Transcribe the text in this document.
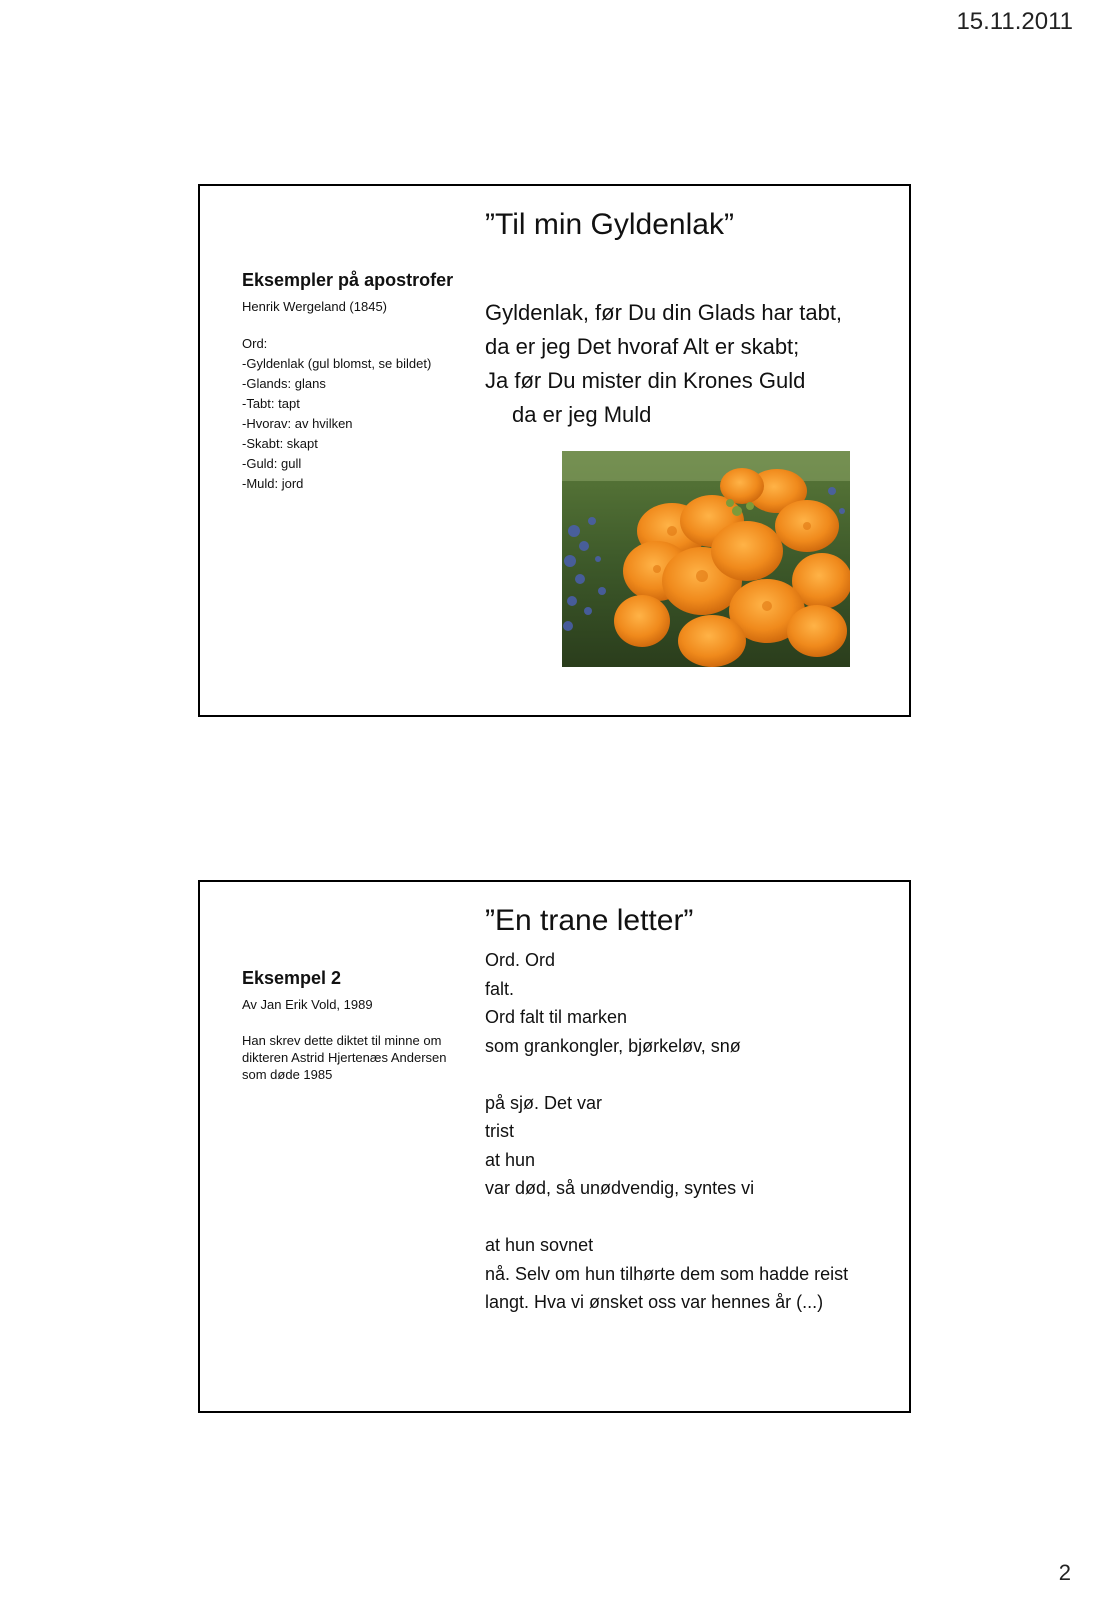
15.11.2011
”Til min Gyldenlak”

Eksempler på apostrofer

Henrik Wergeland (1845)

Ord:
-Gyldenlak (gul blomst, se bildet)
-Glands: glans
-Tabt: tapt
-Hvorav: av hvilken
-Skabt: skapt
-Guld: gull
-Muld: jord
Gyldenlak, før Du din Glads har tabt,
da er jeg Det hvoraf Alt er skabt;
Ja før Du mister din Krones Guld
da er jeg Muld
”En trane letter”

Eksempel 2

Av Jan Erik Vold, 1989

Han skrev dette diktet til minne om dikteren Astrid Hjertenæs Andersen som døde 1985

Ord. Ord
falt.
Ord falt til marken
som grankongler, bjørkeløv, snø
på sjø. Det var
trist
at hun
var død, så unødvendig, syntes vi
at hun sovnet
nå. Selv om hun tilhørte dem som hadde reist
langt. Hva vi ønsket oss var hennes år (...)
2
